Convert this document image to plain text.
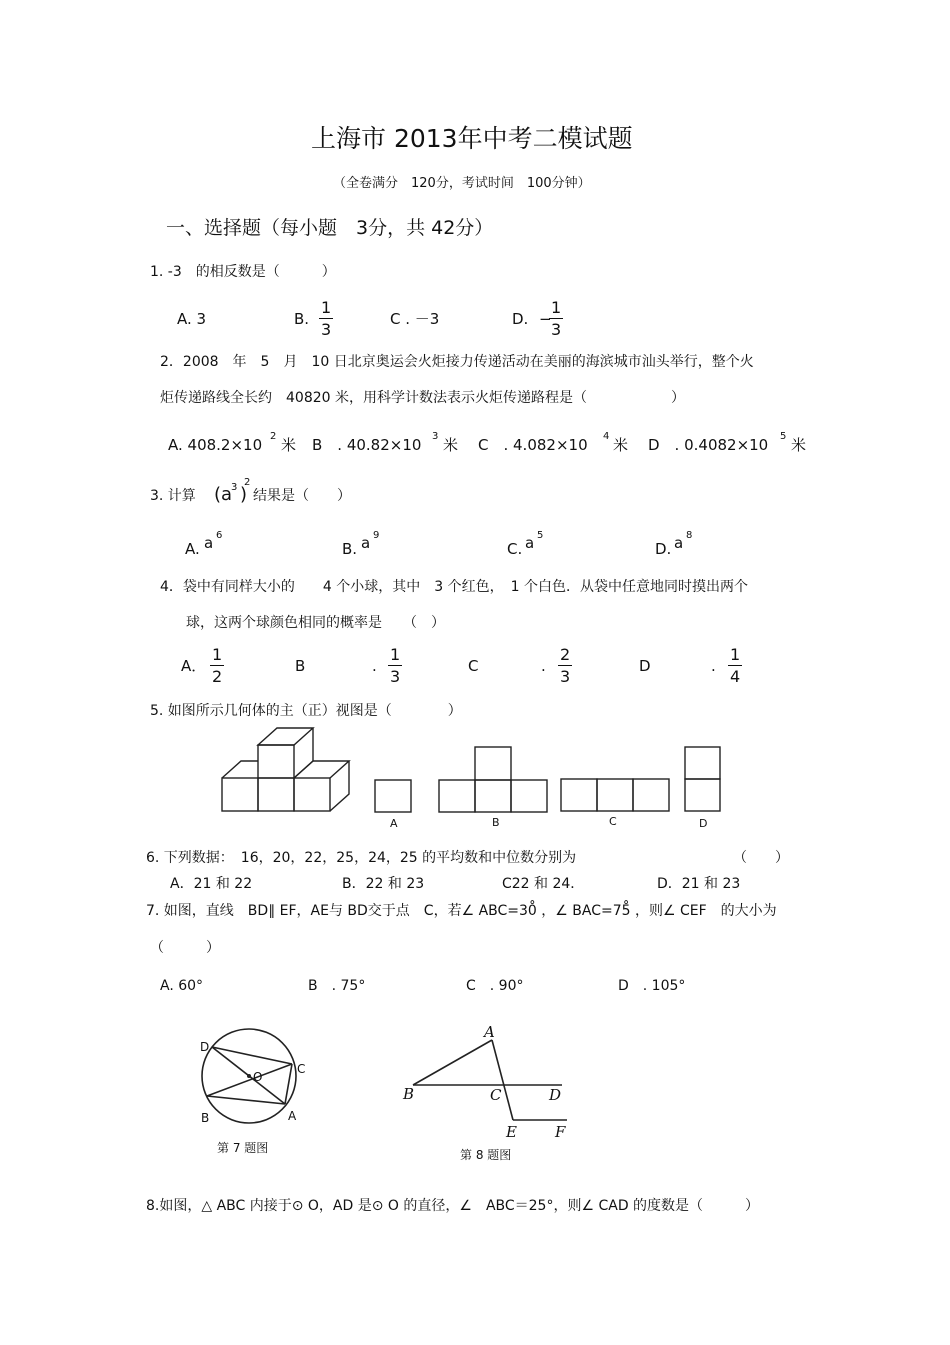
上海市 2013年中考二模试题
（全卷满分　120分，考试时间　100分钟）
一、选择题（每小题　3分，共 42分）
1. -3　的相反数是（　　　）
A. 3	B. $\frac{1}{3}$	C . －3	D. −
$\frac{1}{3}$
2．2008　年　5　月　10 日北京奥运会火炬接力传递活动在美丽的海滨城市汕头举行，整个火
炬传递路线全长约　40820 米，用科学计数法表示火炬传递路程是（　　　　　　）
A. 408.2×10 2 米 B　. 40.82×10 3 米 C　. 4.082×10 4 米 D　. 0.4082×10 5 米
3. 计算 (a
3 )
2
结果是（　　）
A. a 6
B. a 9
C. a 5
D. a 8
4．袋中有同样大小的　　4 个小球，其中　3 个红色，　1 个白色．从袋中任意地同时摸出两个
球，这两个球颜色相同的概率是　　（　）
A． $\frac{1}{2}$	B	. $\frac{1}{3}$	C	. $\frac{2}{3}$	D	. $\frac{1}{4}$
5. 如图所示几何体的主（正）视图是（　　　　）
A	B	C	D
6. 下列数据：　16，20，22，25，24，25 的平均数和中位数分别为	（　　）
A．21 和 22	B．22 和 23	C22 和 24．	D．21 和 23
7. 如图，直线　BD∥ EF，AE与 BD交于点　C，若∠ ABC=30̊ ，∠ BAC=75̊ ，则∠ CEF　的大小为
（　　　）
A. 60°	B　. 75°	C　. 90°	D　. 105°
D
C
O
B	A
第 7 题图
A
B	C	D
E	F
第 8 题图
8.如图，△ ABC 内接于⊙ O，AD 是⊙ O 的直径，∠　ABC＝25°，则∠ CAD 的度数是（　　　）
